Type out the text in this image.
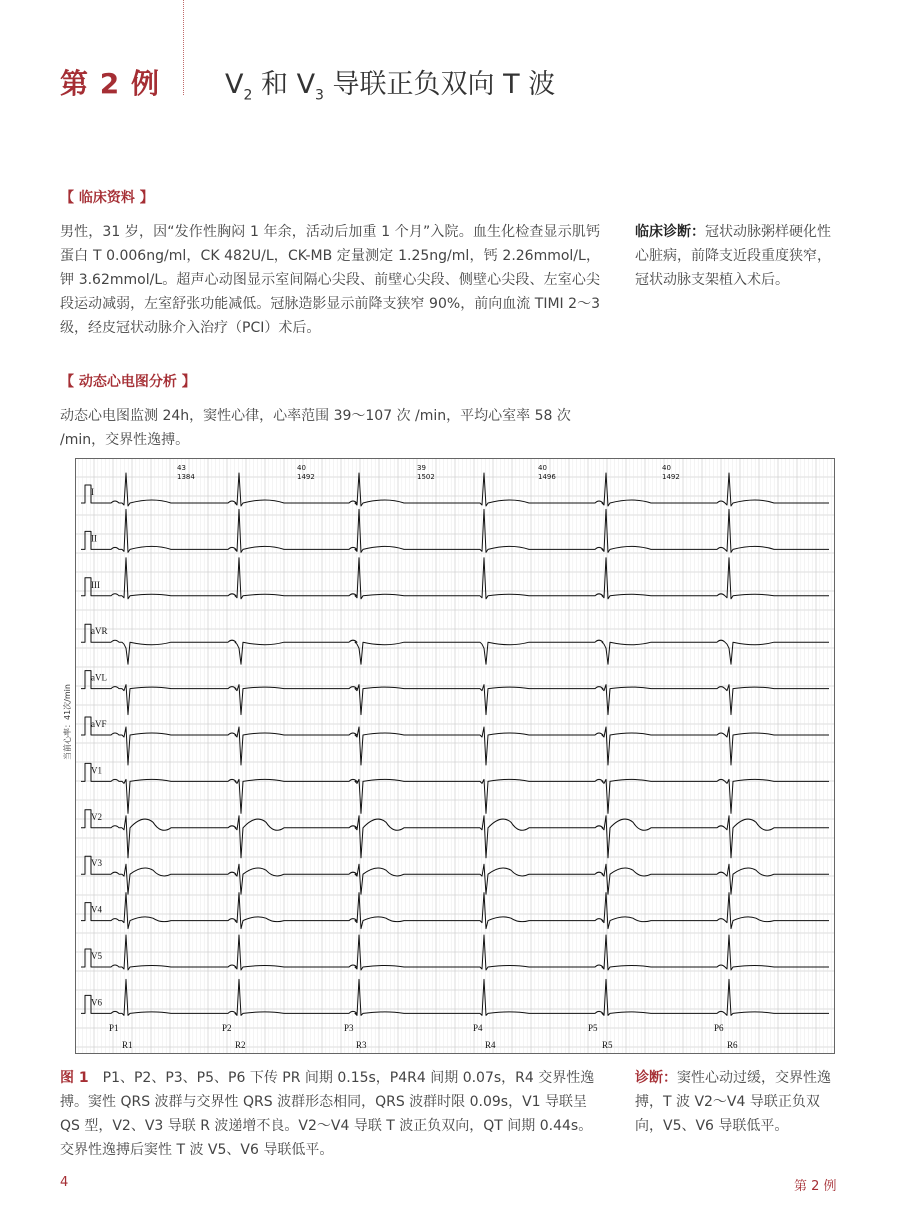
第 2 例 $V_2$ 和 $V_3$ 导联正负双向 T 波
【 临床资料 】
男性，31 岁，因“发作性胸闷 1 年余，活动后加重 1 个月”入院。血生化检查显示肌钙蛋白 T 0.006ng/ml，CK 482U/L，CK-MB 定量测定 1.25ng/ml，钙 2.26mmol/L，钾 3.62mmol/L。超声心动图显示室间隔心尖段、前壁心尖段、侧壁心尖段、左室心尖段运动减弱，左室舒张功能减低。冠脉造影显示前降支狭窄 90%，前向血流 TIMI 2～3 级，经皮冠状动脉介入治疗（PCI）术后。
临床诊断：冠状动脉粥样硬化性心脏病，前降支近段重度狭窄，冠状动脉支架植入术后。
【 动态心电图分析 】
动态心电图监测 24h，窦性心律，心率范围 39～107 次 /min，平均心室率 58 次 /min，交界性逸搏。
I
II
III
aVR
aVL
aVF
V1
V2
V3
V4
V5
V6
43
1384
40
1492
39
1502
40
1496
40
1492
P1	P2	P3	P4	P5	P6
R1	R2	R3	R4	R5	R6
当前心率：41次/min
图 1　 P1、P2、P3、P5、P6 下传 PR 间期 0.15s，P4R4 间期 0.07s，R4 交界性逸搏。窦性 QRS 波群与交界性 QRS 波群形态相同，QRS 波群时限 0.09s，V1 导联呈 QS 型，V2、V3 导联 R 波递增不良。V2～V4 导联 T 波正负双向，QT 间期 0.44s。交界性逸搏后窦性 T 波 V5、V6 导联低平。
诊断：窦性心动过缓，交界性逸搏，T 波 V2～V4 导联正负双向，V5、V6 导联低平。
4	第 2 例
